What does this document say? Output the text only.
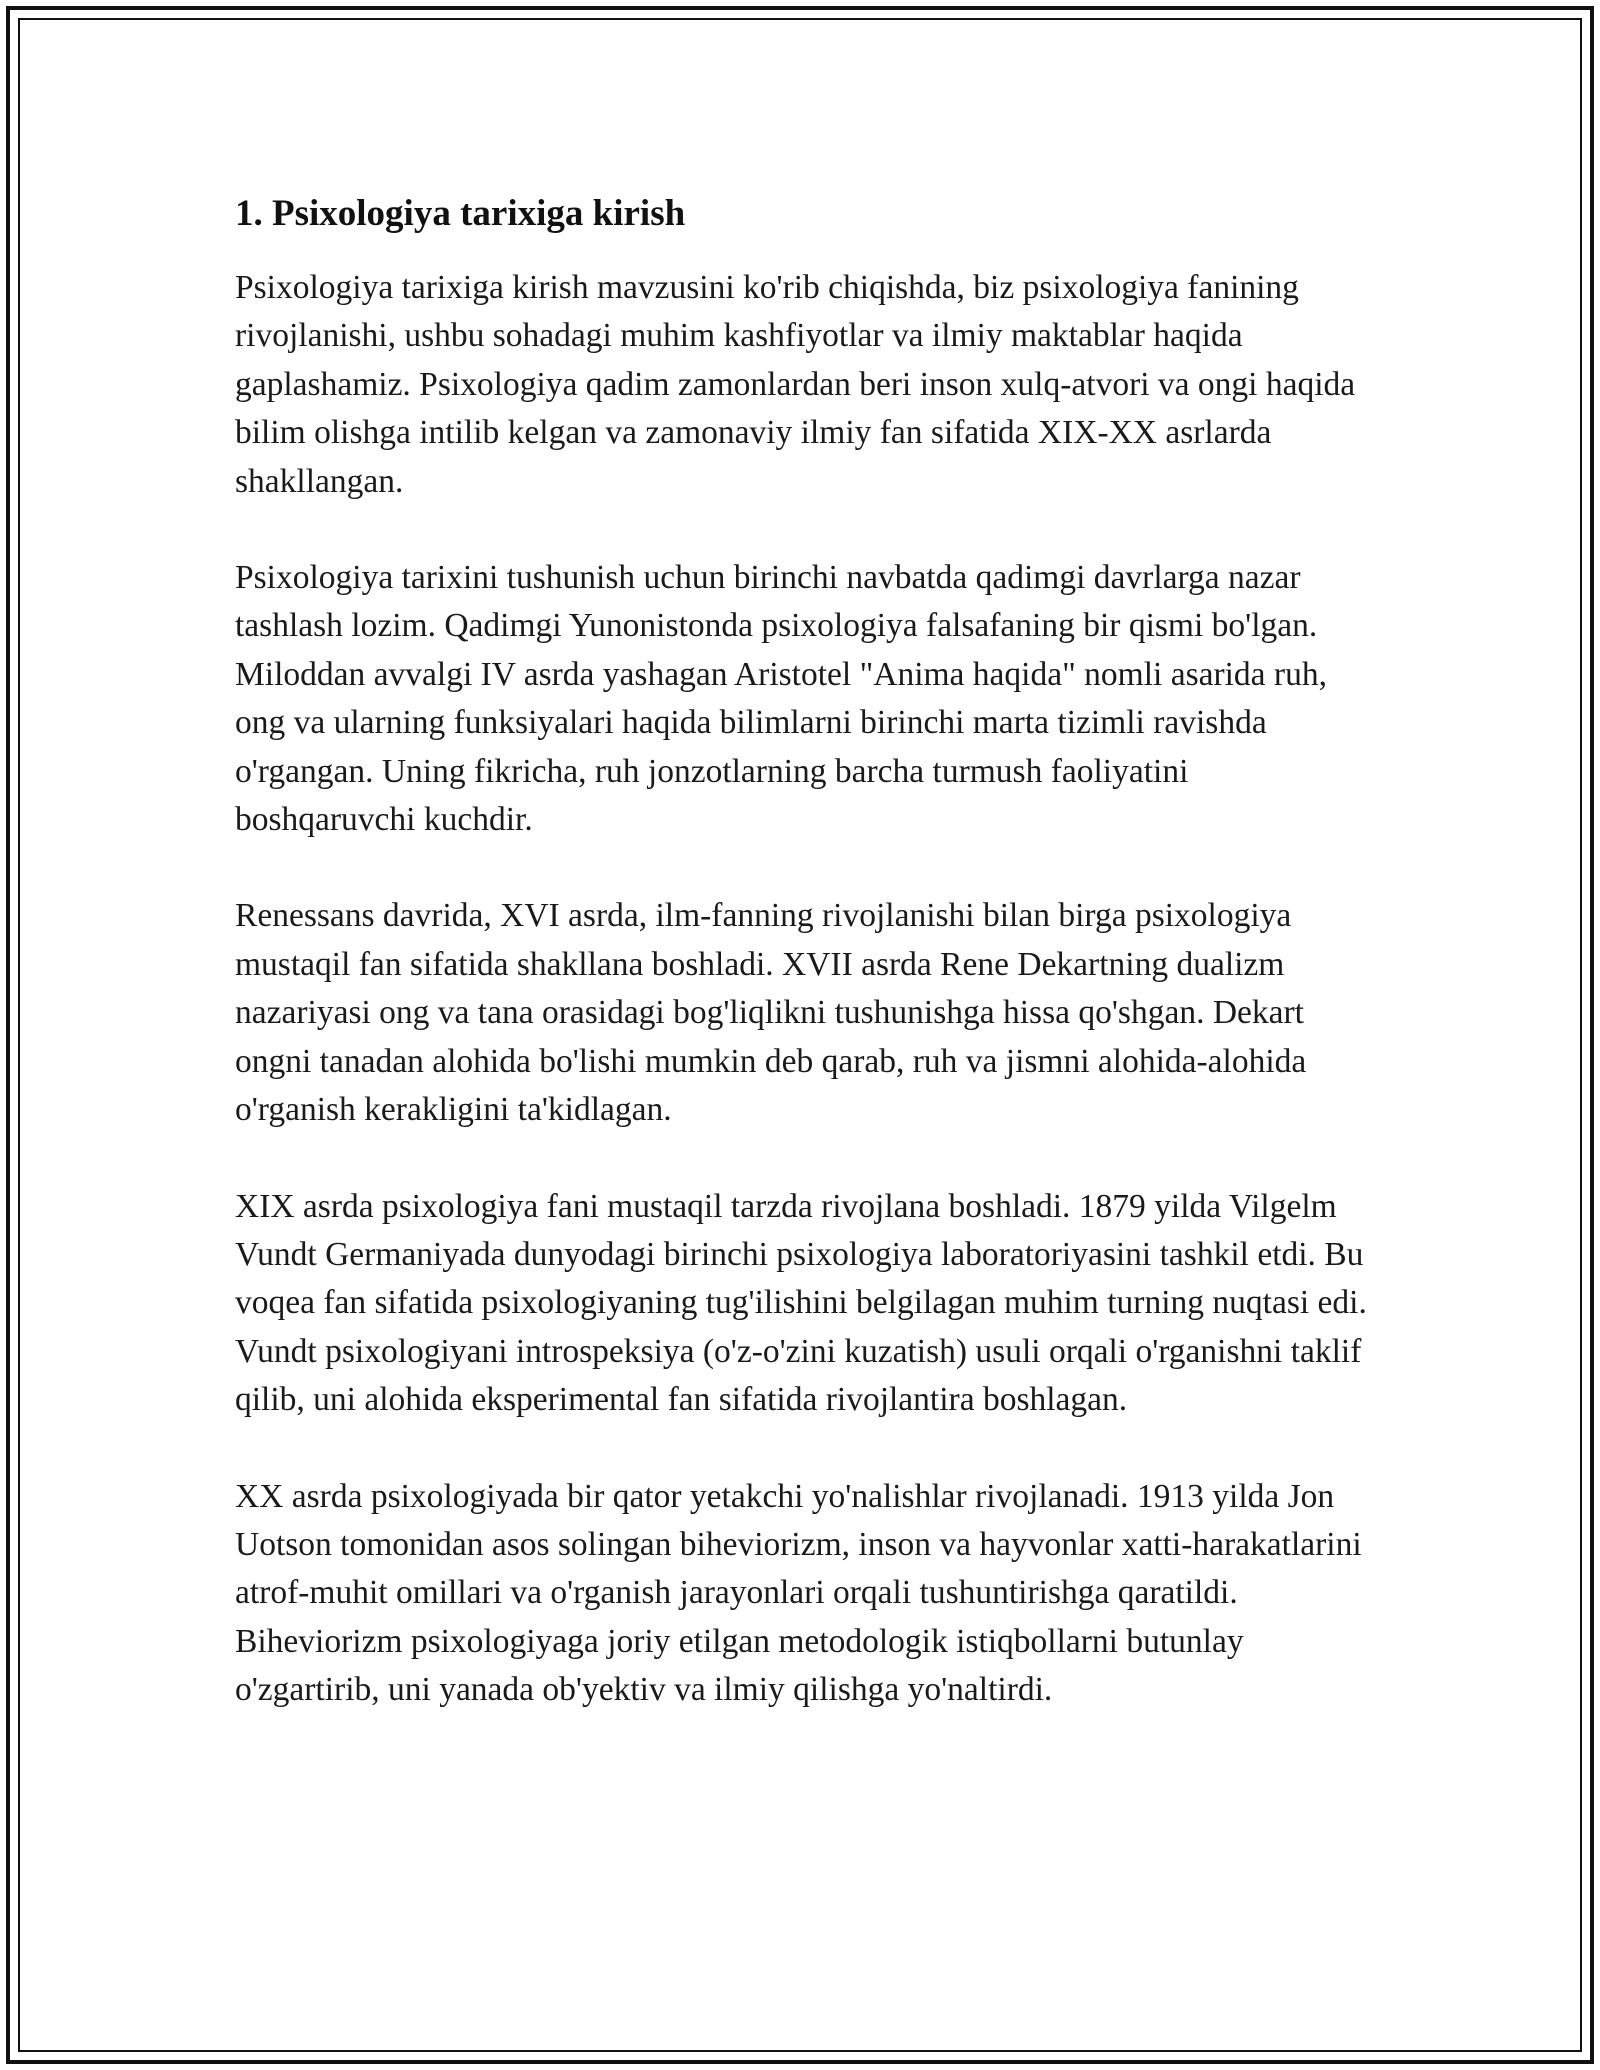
1. Psixologiya tarixiga kirish

Psixologiya tarixiga kirish mavzusini ko'rib chiqishda, biz psixologiya fanining rivojlanishi, ushbu sohadagi muhim kashfiyotlar va ilmiy maktablar haqida gaplashamiz. Psixologiya qadim zamonlardan beri inson xulq-atvori va ongi haqida bilim olishga intilib kelgan va zamonaviy ilmiy fan sifatida XIX-XX asrlarda shakllangan.

Psixologiya tarixini tushunish uchun birinchi navbatda qadimgi davrlarga nazar tashlash lozim. Qadimgi Yunonistonda psixologiya falsafaning bir qismi bo'lgan. Miloddan avvalgi IV asrda yashagan Aristotel "Anima haqida" nomli asarida ruh, ong va ularning funksiyalari haqida bilimlarni birinchi marta tizimli ravishda o'rgangan. Uning fikricha, ruh jonzotlarning barcha turmush faoliyatini boshqaruvchi kuchdir.

Renessans davrida, XVI asrda, ilm-fanning rivojlanishi bilan birga psixologiya mustaqil fan sifatida shakllana boshladi. XVII asrda Rene Dekartning dualizm nazariyasi ong va tana orasidagi bog'liqlikni tushunishga hissa qo'shgan. Dekart ongni tanadan alohida bo'lishi mumkin deb qarab, ruh va jismni alohida-alohida o'rganish kerakligini ta'kidlagan.

XIX asrda psixologiya fani mustaqil tarzda rivojlana boshladi. 1879 yilda Vilgelm Vundt Germaniyada dunyodagi birinchi psixologiya laboratoriyasini tashkil etdi. Bu voqea fan sifatida psixologiyaning tug'ilishini belgilagan muhim turning nuqtasi edi. Vundt psixologiyani introspeksiya (o'z-o'zini kuzatish) usuli orqali o'rganishni taklif qilib, uni alohida eksperimental fan sifatida rivojlantira boshlagan.

XX asrda psixologiyada bir qator yetakchi yo'nalishlar rivojlanadi. 1913 yilda Jon Uotson tomonidan asos solingan biheviorizm, inson va hayvonlar xatti-harakatlarini atrof-muhit omillari va o'rganish jarayonlari orqali tushuntirishga qaratildi. Biheviorizm psixologiyaga joriy etilgan metodologik istiqbollarni butunlay o'zgartirib, uni yanada ob'yektiv va ilmiy qilishga yo'naltirdi.
